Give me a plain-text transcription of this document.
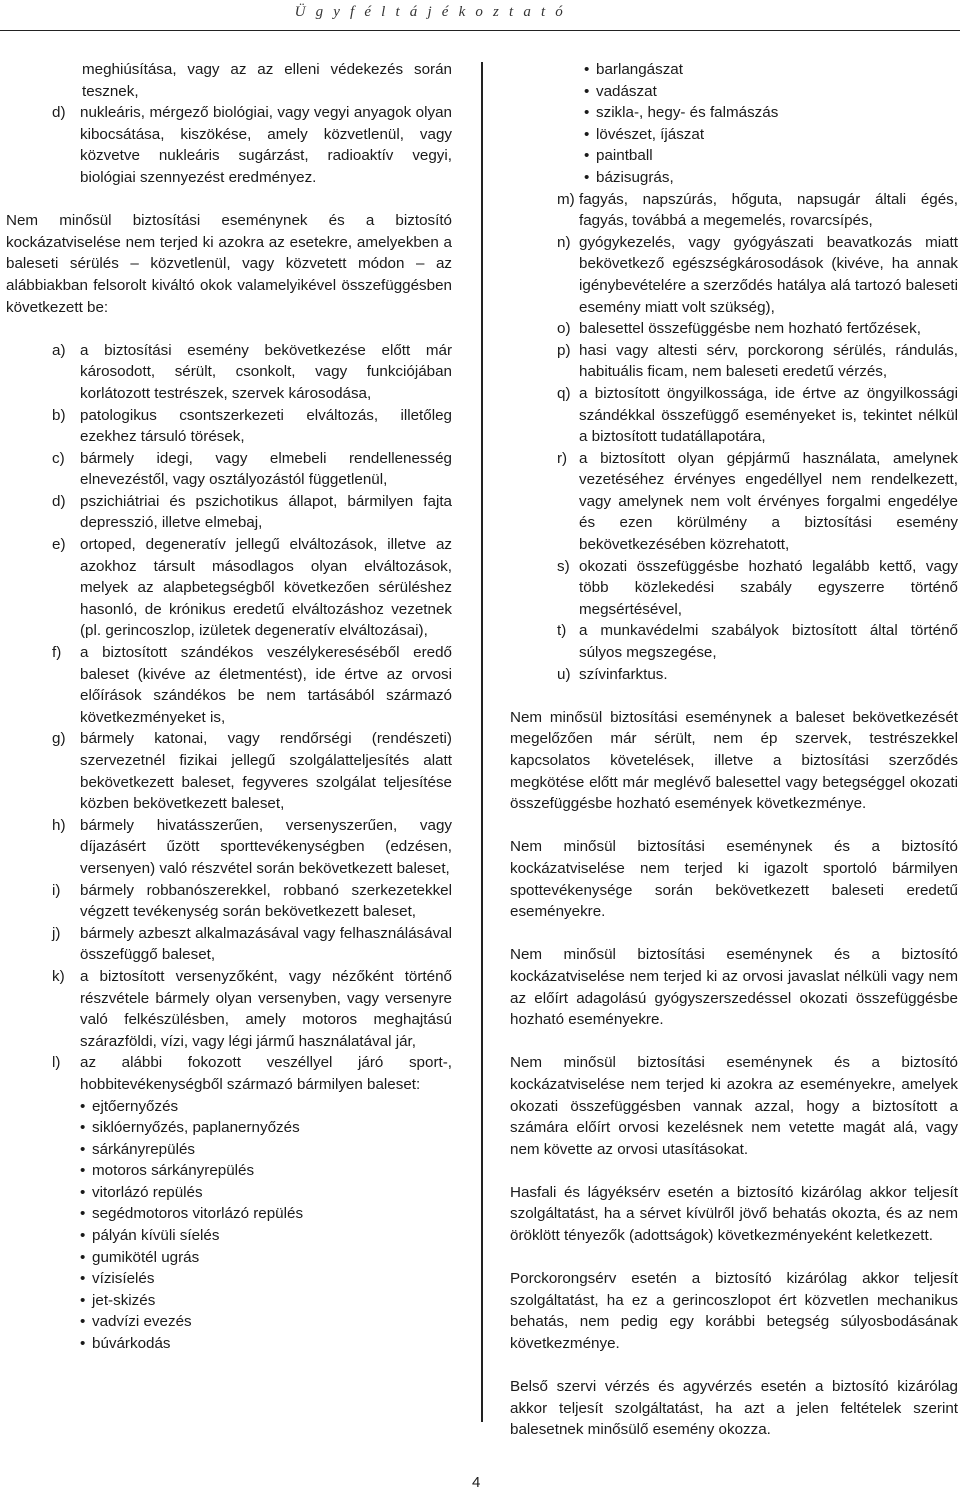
Ü g y f é l t á j é k o z t a t ó
meghiúsítása, vagy az az elleni védekezés során tesznek,
d) nukleáris, mérgező biológiai, vagy vegyi anyagok olyan kibocsátása, kiszökése, amely közvetlenül, vagy közvetve nukleáris sugárzást, radioaktív vegyi, biológiai szennyezést eredményez.

Nem minősül biztosítási eseménynek és a biztosító kockázatviselése nem terjed ki azokra az esetekre, amelyekben a baleseti sérülés – közvetlenül, vagy közvetett módon – az alábbiakban felsorolt kiváltó okok valamelyikével összefüggésben következett be:

a) a biztosítási esemény bekövetkezése előtt már károsodott, sérült, csonkolt, vagy funkciójában korlátozott testrészek, szervek károsodása,
b) patologikus csontszerkezeti elváltozás, illetőleg ezekhez társuló törések,
c)	bármely idegi, vagy elmebeli rendellenesség elnevezéstől, vagy osztályozástól függetlenül,
d) pszichiátriai és pszichotikus állapot, bármilyen fajta depresszió, illetve elmebaj,
e) ortoped, degeneratív jellegű elváltozások, illetve az azokhoz társult másodlagos olyan elváltozások, melyek az alapbetegségből következően sérüléshez hasonló, de krónikus eredetű elváltozáshoz vezetnek (pl. gerincoszlop, izületek degeneratív elváltozásai),
f)	a biztosított szándékos veszélykereséséből eredő baleset (kivéve az életmentést), ide értve az orvosi előírások szándékos be nem tartásából származó következményeket is,
g) bármely katonai, vagy rendőrségi (rendészeti) szervezetnél fizikai jellegű szolgálatteljesítés alatt bekövetkezett baleset, fegyveres szolgálat teljesítése közben bekövetkezett baleset,
h) bármely hivatásszerűen, versenyszerűen, vagy díjazásért űzött sporttevékenységben (edzésen, versenyen) való részvétel során bekövetkezett baleset,
i)	bármely robbanószerekkel, robbanó szerkezetekkel végzett tevékenység során bekövetkezett baleset,
j)	bármely azbeszt alkalmazásával vagy felhasználásával összefüggő baleset,
k)	a biztosított versenyzőként, vagy nézőként történő részvétele bármely olyan versenyben, vagy versenyre való felkészülésben, amely motoros meghajtású szárazföldi, vízi, vagy légi jármű használatával jár,
l)	az alábbi fokozott veszéllyel járó sport-, hobbitevékenységből származó bármilyen baleset:
• ejtőernyőzés
• siklóernyőzés, paplanernyőzés
• sárkányrepülés
• motoros sárkányrepülés
• vitorlázó repülés
• segédmotoros vitorlázó repülés
• pályán kívüli síelés
• gumikötél ugrás
• vízisíelés
• jet-skizés
• vadvízi evezés
• búvárkodás
• barlangászat
• vadászat
• szikla-, hegy- és falmászás
• lövészet, íjászat
• paintball
• bázisugrás,
m) fagyás, napszúrás, hőguta, napsugár általi égés, fagyás, továbbá a megemelés, rovarcsípés,
n) gyógykezelés, vagy gyógyászati beavatkozás miatt bekövetkező egészségkárosodások (kivéve, ha annak igénybevételére a szerződés hatálya alá tartozó baleseti esemény miatt volt szükség),
o) balesettel összefüggésbe nem hozható fertőzések,
p) hasi vagy altesti sérv, porckorong sérülés, rándulás, habituális ficam, nem baleseti eredetű vérzés,
q) a biztosított öngyilkossága, ide értve az öngyilkossági szándékkal összefüggő eseményeket is, tekintet nélkül a biztosított tudatállapotára,
r) a biztosított olyan gépjármű használata, amelynek vezetéséhez érvényes engedéllyel nem rendelkezett, vagy amelynek nem volt érvényes forgalmi engedélye és ezen körülmény a biztosítási esemény bekövetkezésében közrehatott,
s) okozati összefüggésbe hozható legalább kettő, vagy több közlekedési szabály egyszerre történő megsértésével,
t) a munkavédelmi szabályok biztosított által történő súlyos megszegése,
u) szívinfarktus.

Nem minősül biztosítási eseménynek a baleset bekövetkezését megelőzően már sérült, nem ép szervek, testrészekkel kapcsolatos követelések, illetve a biztosítási szerződés megkötése előtt már meglévő balesettel vagy betegséggel okozati összefüggésbe hozható események következménye.

Nem minősül biztosítási eseménynek és a biztosító kockázatviselése nem terjed ki igazolt sportoló bármilyen spottevékenysége során bekövetkezett baleseti eredetű eseményekre.

Nem minősül biztosítási eseménynek és a biztosító kockázatviselése nem terjed ki az orvosi javaslat nélküli vagy nem az előírt adagolású gyógyszerszedéssel okozati összefüggésbe hozható eseményekre.

Nem minősül biztosítási eseménynek és a biztosító kockázatviselése nem terjed ki azokra az eseményekre, amelyek okozati összefüggésben vannak azzal, hogy a biztosított a számára előírt orvosi kezelésnek nem vetette magát alá, vagy nem követte az orvosi utasításokat.

Hasfali és lágyéksérv esetén a biztosító kizárólag akkor teljesít szolgáltatást, ha a sérvet kívülről jövő behatás okozta, és az nem öröklött tényezők (adottságok) következményeként keletkezett.

Porckorongsérv esetén a biztosító kizárólag akkor teljesít szolgáltatást, ha ez a gerincoszlopot ért közvetlen mechanikus behatás, nem pedig egy korábbi betegség súlyosbodásának következménye.

Belső szervi vérzés és agyvérzés esetén a biztosító kizárólag akkor teljesít szolgáltatást, ha azt a jelen feltételek szerint balesetnek minősülő esemény okozza.

4
